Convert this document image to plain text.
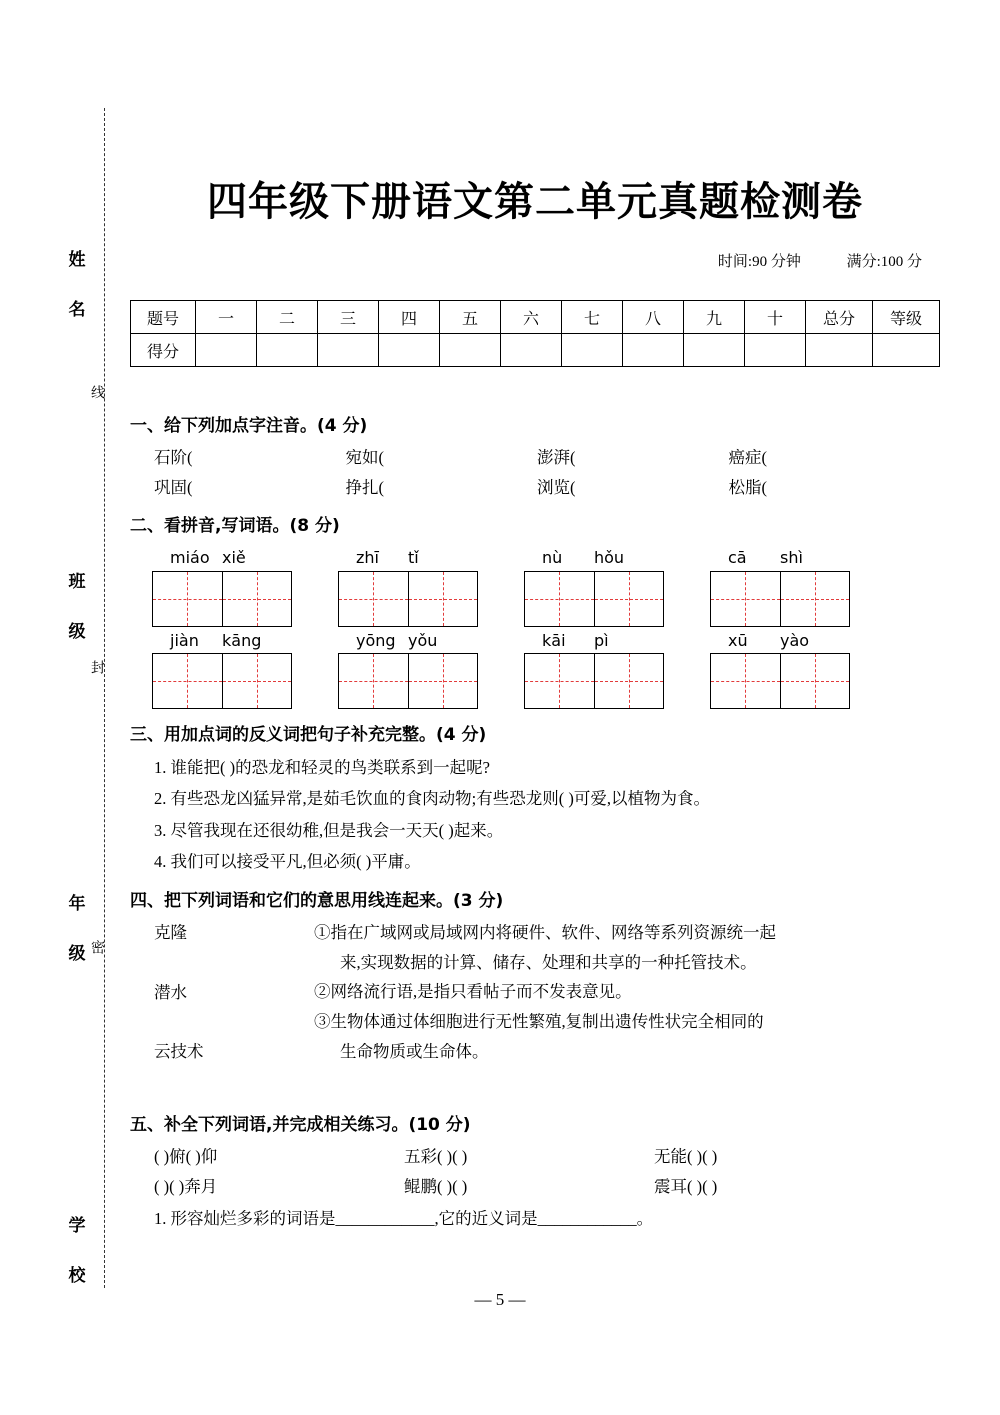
姓 名
班 级
年 级
学 校
线
封
密
四年级下册语文第二单元真题检测卷
时间:90 分钟	满分:100 分
题号	一	二	三	四	五	六	七	八	九	十	总分	等级
得分												
一、给下列加点字注音。(4 分)
石阶(	宛如(	澎湃(	癌症(
巩固(	挣扎(	浏览(	松脂(
二、看拼音,写词语。(8 分)
miáo xiě	zhī tǐ	nù hǒu	cā shì
jiàn kāng	yōng yǒu	kāi pì	xū yào
三、用加点词的反义词把句子补充完整。(4 分)
1. 谁能把( )的恐龙和轻灵的鸟类联系到一起呢?
2. 有些恐龙凶猛异常,是茹毛饮血的食肉动物;有些恐龙则( )可爱,以植物为食。
3. 尽管我现在还很幼稚,但是我会一天天( )起来。
4. 我们可以接受平凡,但必须( )平庸。
四、把下列词语和它们的意思用线连起来。(3 分)
克隆
潜水
云技术
①指在广域网或局域网内将硬件、软件、网络等系列资源统一起
来,实现数据的计算、储存、处理和共享的一种托管技术。
②网络流行语,是指只看帖子而不发表意见。
③生物体通过体细胞进行无性繁殖,复制出遗传性状完全相同的
生命物质或生命体。
五、补全下列词语,并完成相关练习。(10 分)
( )俯( )仰	五彩( )( )	无能( )( )
( )( )奔月	鲲鹏( )( )	震耳( )( )
1. 形容灿烂多彩的词语是____________,它的近义词是____________。
— 5 —
